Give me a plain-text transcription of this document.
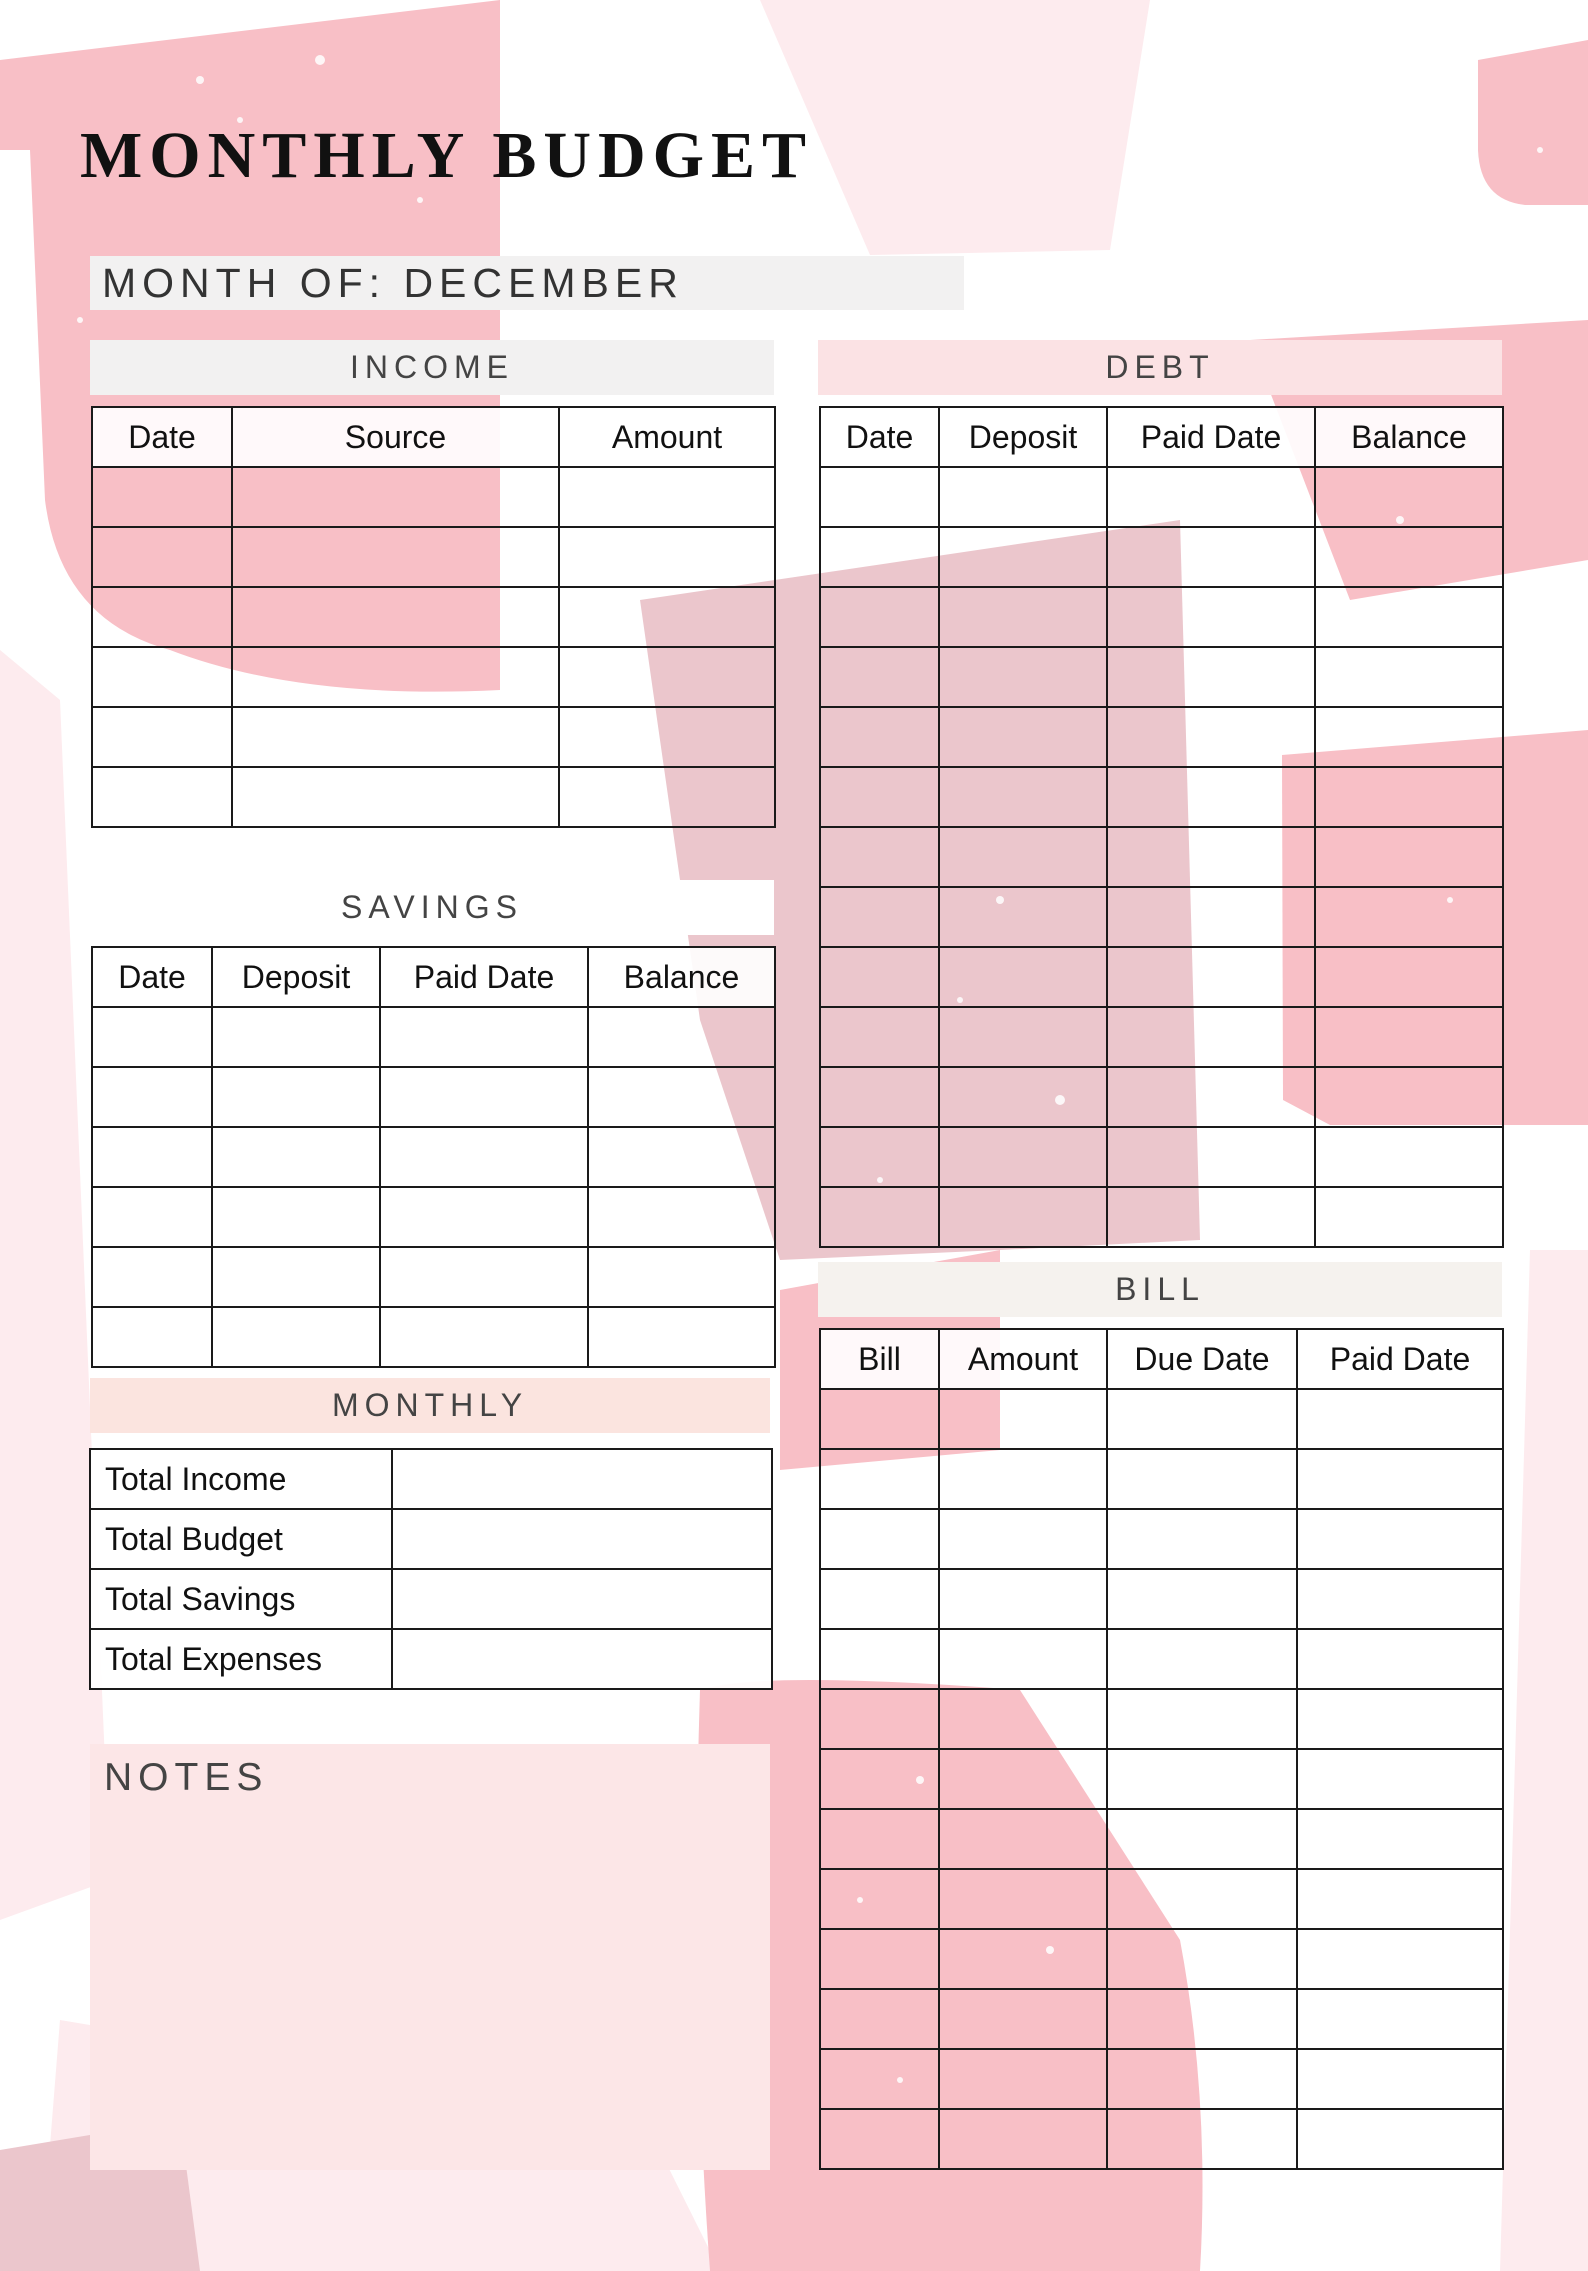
MONTHLY BUDGET
MONTH OF:
DECEMBER
INCOME
Date	Source	Amount

DEBT
Date	Deposit	Paid Date	Balance

SAVINGS
Date	Deposit	Paid Date	Balance

BILL
Bill	Amount	Due Date	Paid Date

MONTHLY
Total Income	
Total Budget	
Total Savings	
Total Expenses	
NOTES
